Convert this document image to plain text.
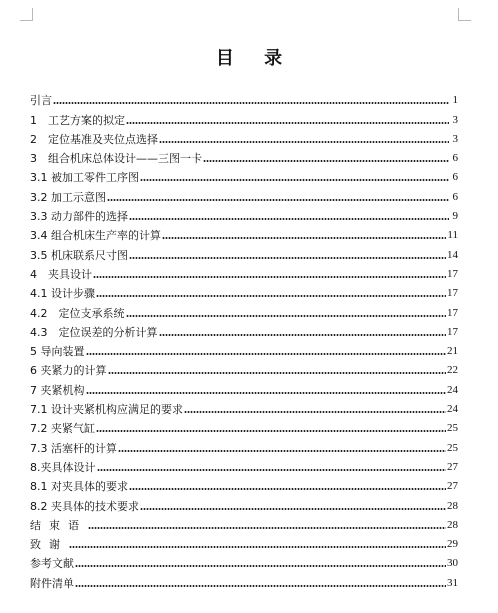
目 录
引言	1
1　工艺方案的拟定	3
2　定位基准及夹位点选择	3
3　组合机床总体设计——三图一卡	6
3.1 被加工零件工序图	6
3.2 加工示意图	6
3.3 动力部件的选择	9
3.4 组合机床生产率的计算	11
3.5 机床联系尺寸图	14
4　夹具设计	17
4.1 设计步骤	17
4.2　定位支承系统	17
4.3　定位误差的分析计算	17
5 导向装置	21
6 夹紧力的计算	22
7 夹紧机构	24
7.1 设计夹紧机构应满足的要求	24
7.2 夹紧气缸	25
7.3 活塞杆的计算	25
8.夹具体设计	27
8.1 对夹具体的要求	27
8.2 夹具体的技术要求	28
结束语	28
致谢	29
参考文献	30
附件清单	31
